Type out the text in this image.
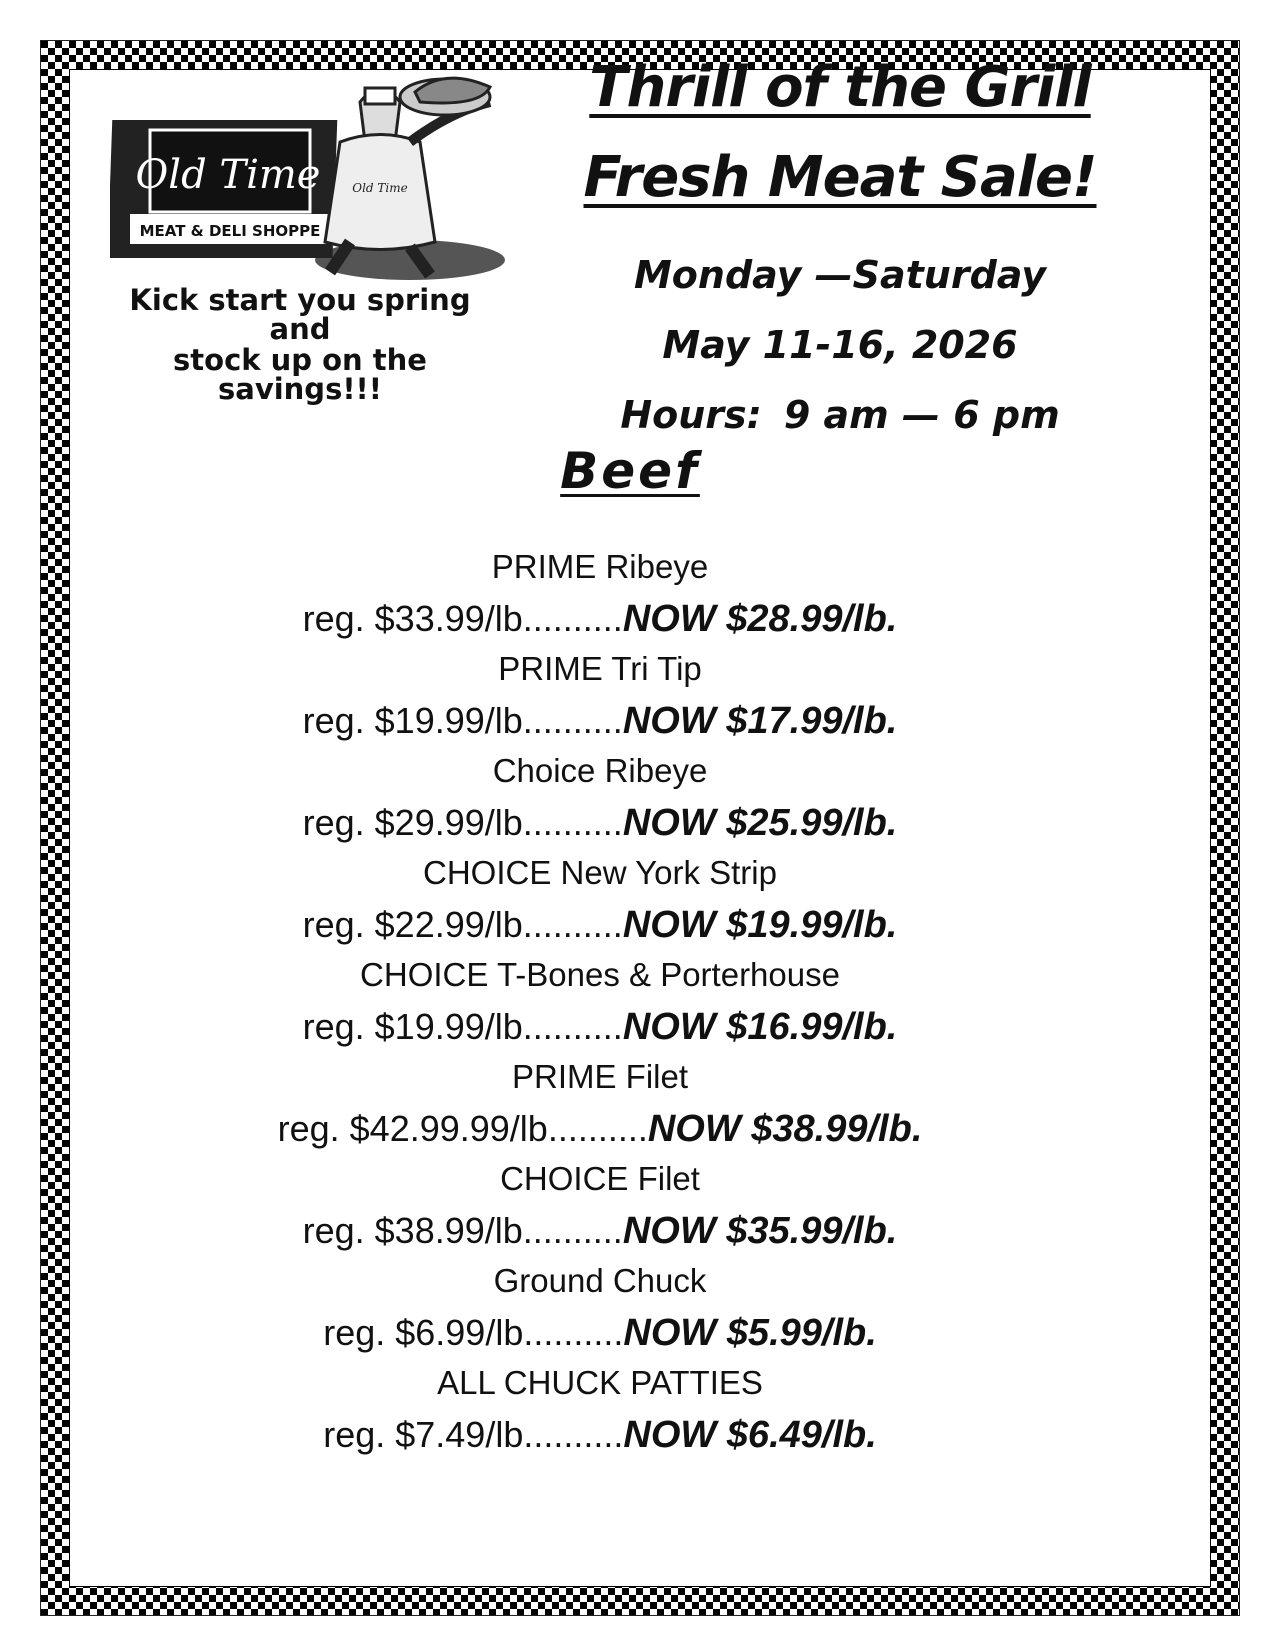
Old Time
MEAT & DELI SHOPPE
Old Time
Thrill of the Grill
Fresh Meat Sale!
Kick start you spring and
stock up on the savings!!!
Monday —Saturday
May 11-16, 2026
Hours: 9 am — 6 pm
Beef
PRIME Ribeye
reg. $33.99/lb..........NOW $28.99/lb.
PRIME Tri Tip
reg. $19.99/lb..........NOW $17.99/lb.
Choice Ribeye
reg. $29.99/lb..........NOW $25.99/lb.
CHOICE New York Strip
reg. $22.99/lb..........NOW $19.99/lb.
CHOICE T-Bones & Porterhouse
reg. $19.99/lb..........NOW $16.99/lb.
PRIME Filet
reg. $42.99.99/lb..........NOW $38.99/lb.
CHOICE Filet
reg. $38.99/lb..........NOW $35.99/lb.
Ground Chuck
reg. $6.99/lb..........NOW $5.99/lb.
ALL CHUCK PATTIES
reg. $7.49/lb..........NOW $6.49/lb.
